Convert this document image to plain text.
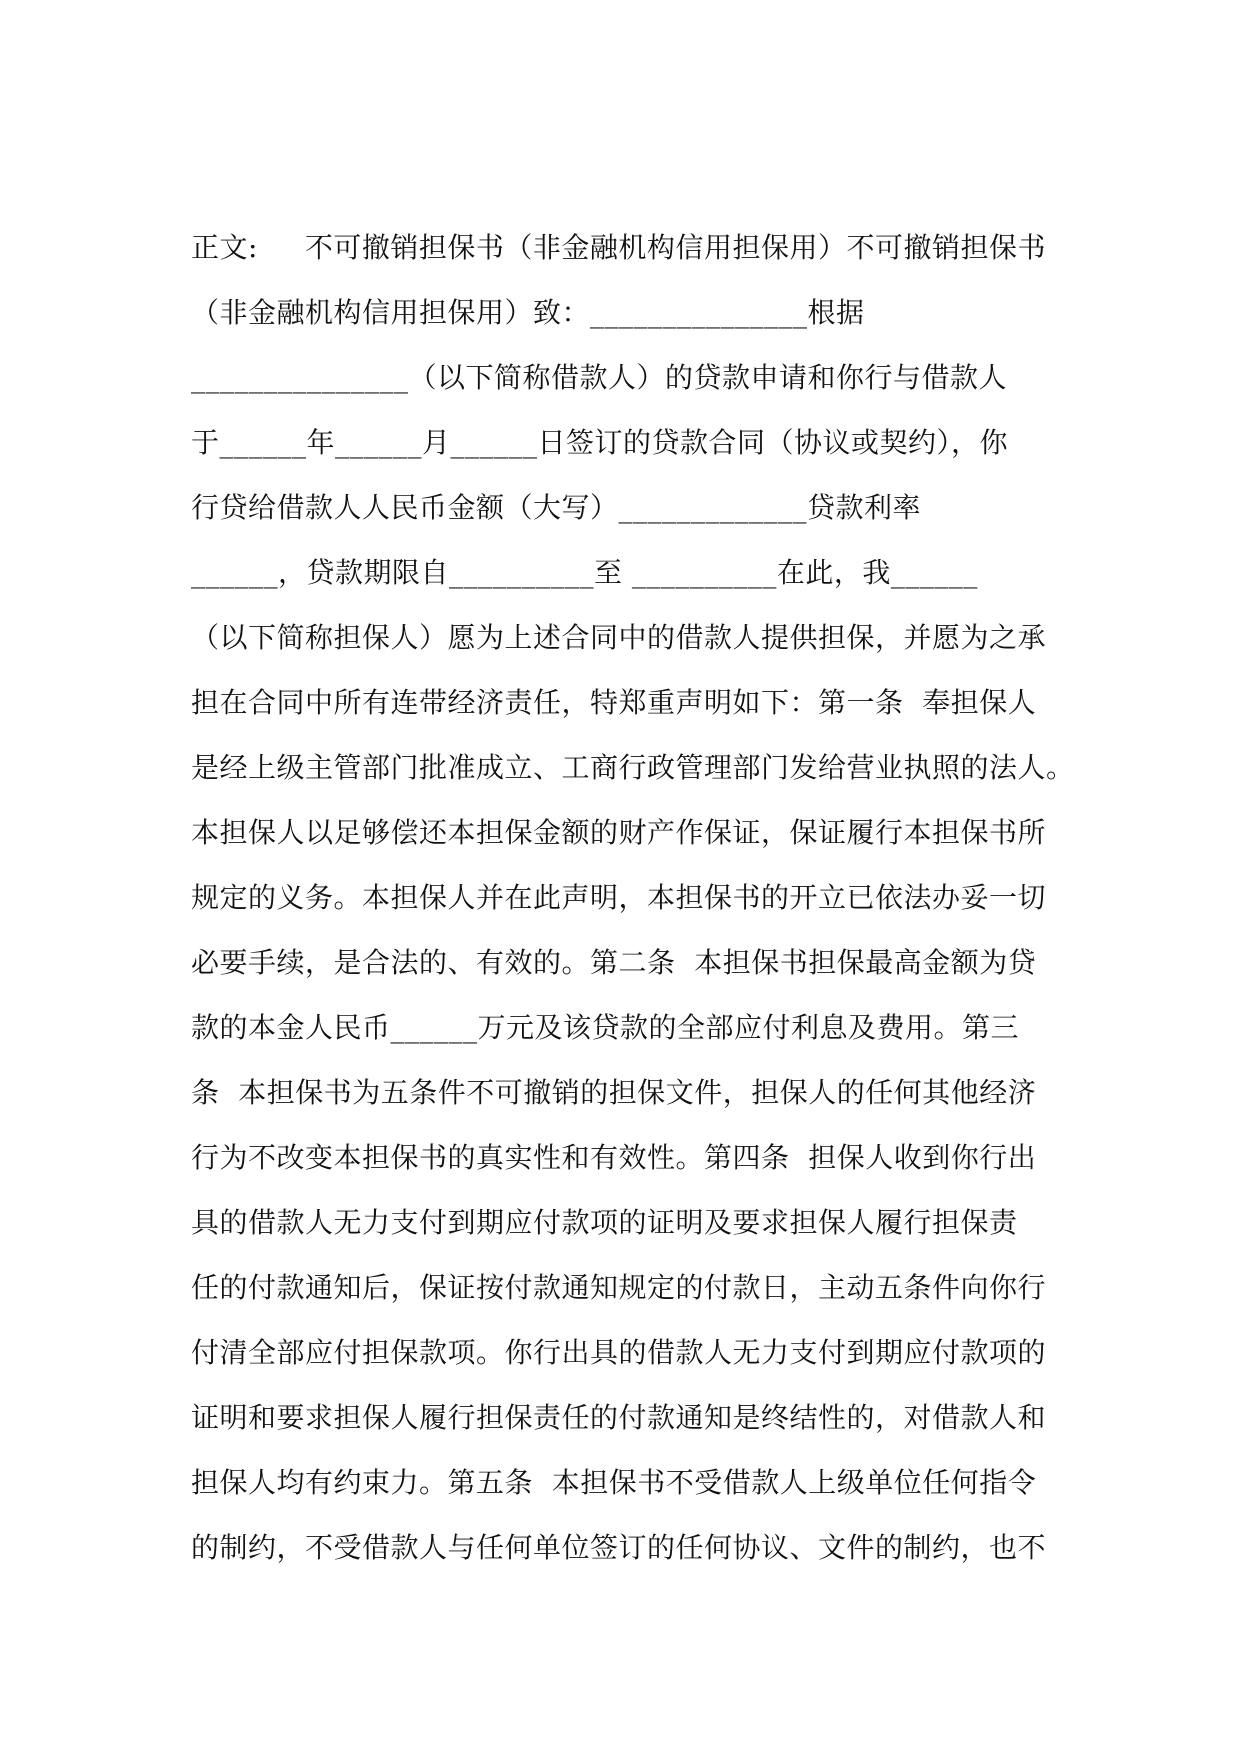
正文:     不可撤销担保书（非金融机构信用担保用）不可撤销担保书
（非金融机构信用担保用）致：_______________根据
_______________（以下简称借款人）的贷款申请和你行与借款人
于______年______月______日签订的贷款合同（协议或契约），你
行贷给借款人人民币金额（大写）_____________贷款利率
______，贷款期限自__________至 __________在此，我______
（以下简称担保人）愿为上述合同中的借款人提供担保，并愿为之承
担在合同中所有连带经济责任，特郑重声明如下：第一条  奉担保人
是经上级主管部门批准成立、工商行政管理部门发给营业执照的法人。
本担保人以足够偿还本担保金额的财产作保证，保证履行本担保书所
规定的义务。本担保人并在此声明，本担保书的开立已依法办妥一切
必要手续，是合法的、有效的。第二条  本担保书担保最高金额为贷
款的本金人民币______万元及该贷款的全部应付利息及费用。第三
条  本担保书为五条件不可撤销的担保文件，担保人的任何其他经济
行为不改变本担保书的真实性和有效性。第四条  担保人收到你行出
具的借款人无力支付到期应付款项的证明及要求担保人履行担保责
任的付款通知后，保证按付款通知规定的付款日，主动五条件向你行
付清全部应付担保款项。你行出具的借款人无力支付到期应付款项的
证明和要求担保人履行担保责任的付款通知是终结性的，对借款人和
担保人均有约束力。第五条  本担保书不受借款人上级单位任何指令
的制约，不受借款人与任何单位签订的任何协议、文件的制约，也不
